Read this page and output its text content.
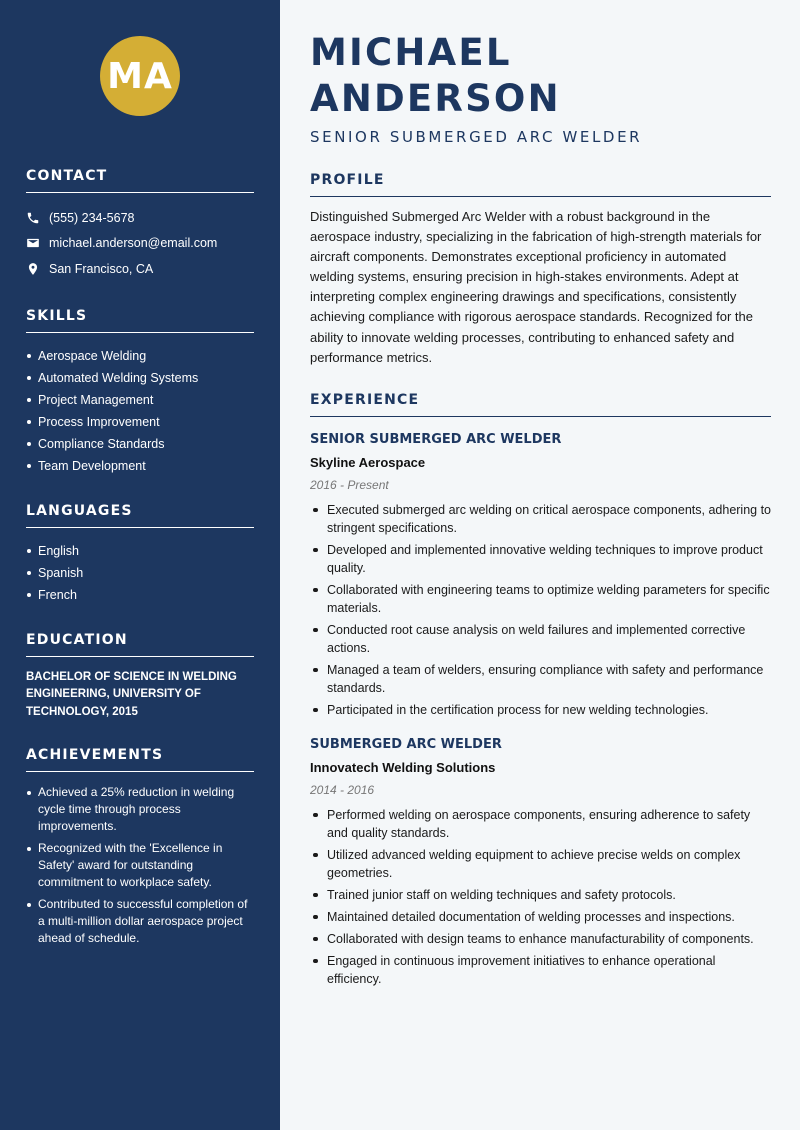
MA
CONTACT
(555) 234-5678
michael.anderson@email.com
San Francisco, CA
SKILLS
Aerospace Welding
Automated Welding Systems
Project Management
Process Improvement
Compliance Standards
Team Development
LANGUAGES
English
Spanish
French
EDUCATION

BACHELOR OF SCIENCE IN WELDING ENGINEERING, UNIVERSITY OF TECHNOLOGY, 2015

ACHIEVEMENTS
Achieved a 25% reduction in welding cycle time through process improvements.
Recognized with the 'Excellence in Safety' award for outstanding commitment to workplace safety.
Contributed to successful completion of a multi-million dollar aerospace project ahead of schedule.
MICHAEL ANDERSON

SENIOR SUBMERGED ARC WELDER

PROFILE

Distinguished Submerged Arc Welder with a robust background in the aerospace industry, specializing in the fabrication of high-strength materials for aircraft components. Demonstrates exceptional proficiency in automated welding systems, ensuring precision in high-stakes environments. Adept at interpreting complex engineering drawings and specifications, consistently achieving compliance with rigorous aerospace standards. Recognized for the ability to innovate welding processes, contributing to enhanced safety and performance metrics.

EXPERIENCE
SENIOR SUBMERGED ARC WELDER

Skyline Aerospace

2016 - Present

Executed submerged arc welding on critical aerospace components, adhering to stringent specifications.
Developed and implemented innovative welding techniques to improve product quality.
Collaborated with engineering teams to optimize welding parameters for specific materials.
Conducted root cause analysis on weld failures and implemented corrective actions.
Managed a team of welders, ensuring compliance with safety and performance standards.
Participated in the certification process for new welding technologies.
SUBMERGED ARC WELDER

Innovatech Welding Solutions

2014 - 2016

Performed welding on aerospace components, ensuring adherence to safety and quality standards.
Utilized advanced welding equipment to achieve precise welds on complex geometries.
Trained junior staff on welding techniques and safety protocols.
Maintained detailed documentation of welding processes and inspections.
Collaborated with design teams to enhance manufacturability of components.
Engaged in continuous improvement initiatives to enhance operational efficiency.
